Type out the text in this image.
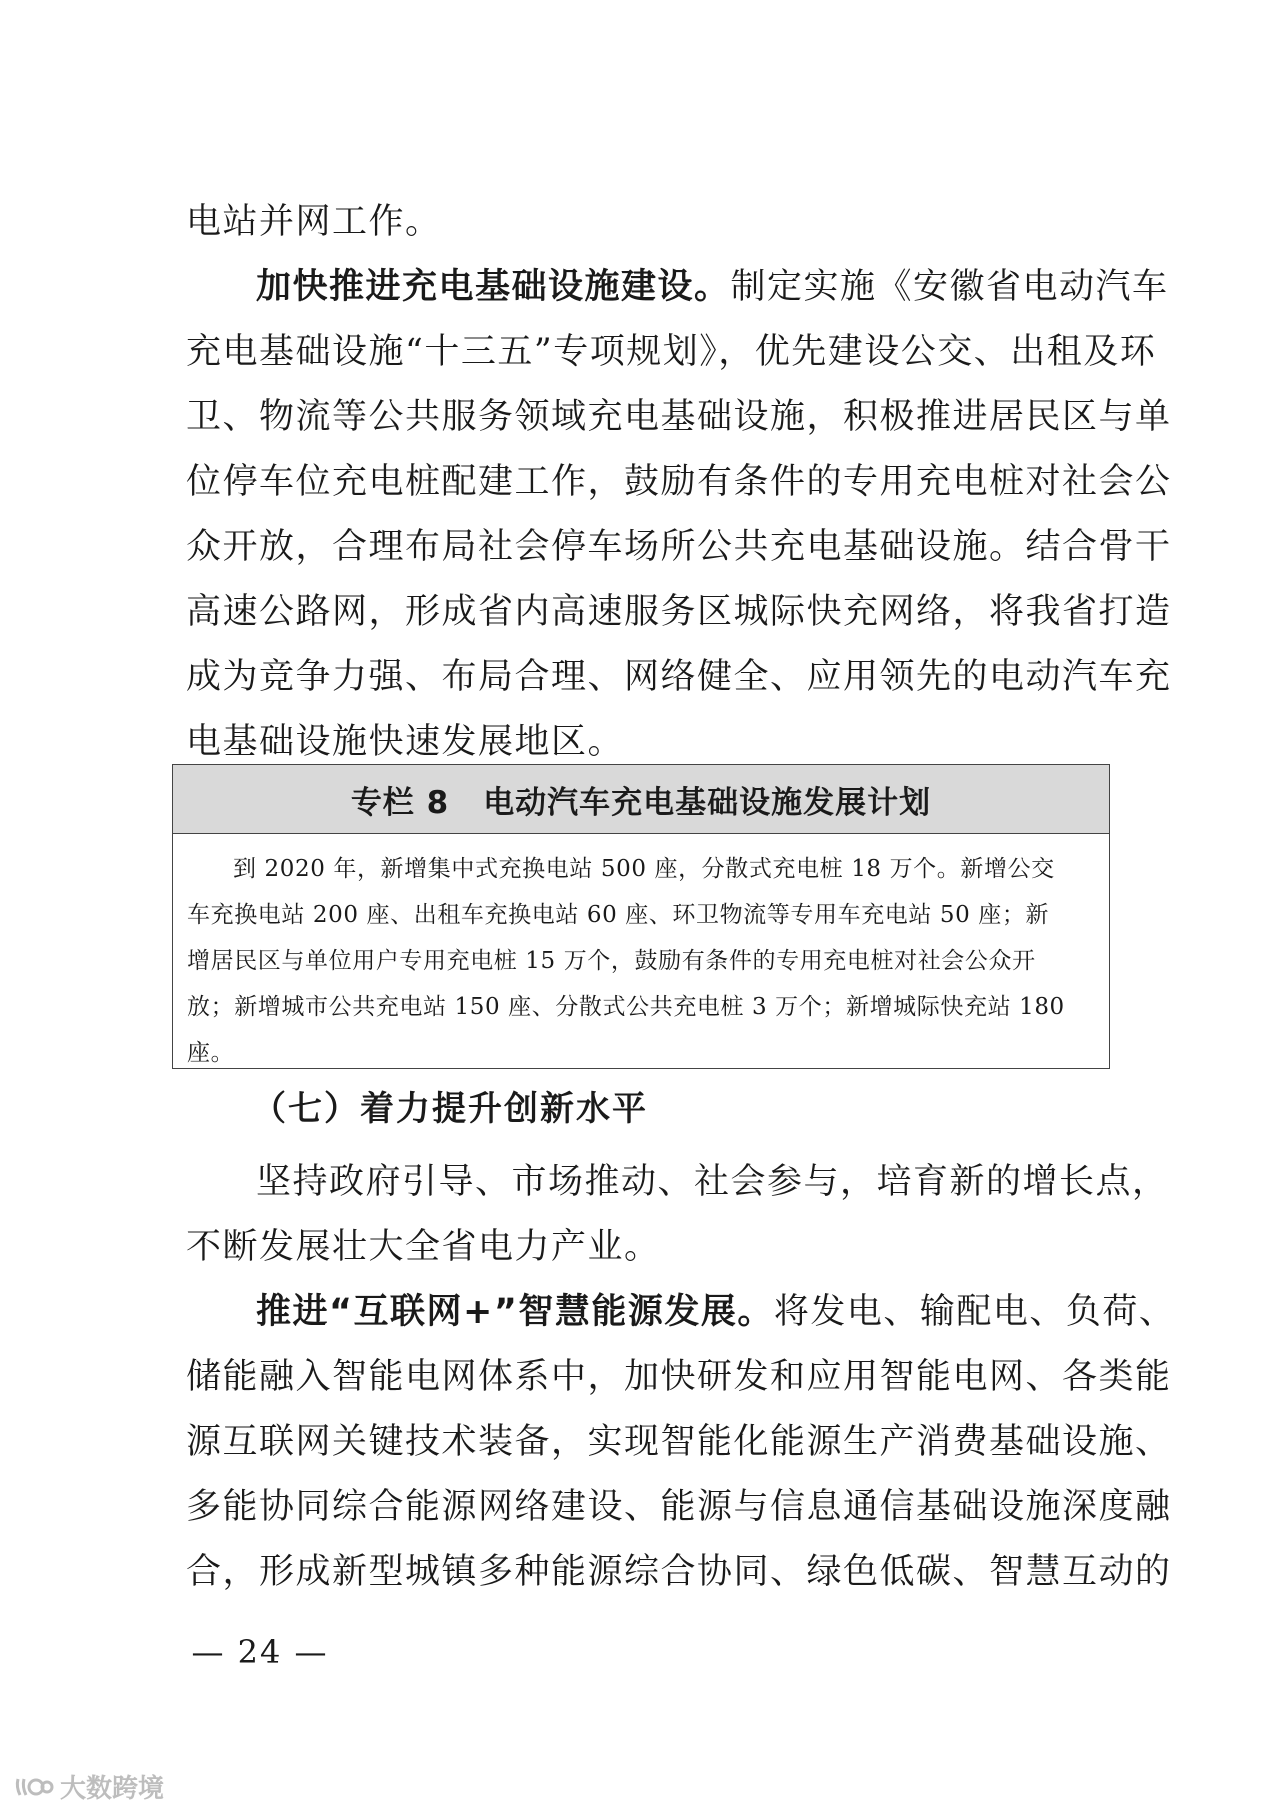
电站并网工作。
加快推进充电基础设施建设。制定实施《安徽省电动汽车
充电基础设施“十三五”专项规划》，优先建设公交、出租及环
卫、物流等公共服务领域充电基础设施，积极推进居民区与单
位停车位充电桩配建工作，鼓励有条件的专用充电桩对社会公
众开放，合理布局社会停车场所公共充电基础设施。结合骨干
高速公路网，形成省内高速服务区城际快充网络，将我省打造
成为竞争力强、布局合理、网络健全、应用领先的电动汽车充
电基础设施快速发展地区。
专栏 8 电动汽车充电基础设施发展计划
到 2020 年，新增集中式充换电站 500 座，分散式充电桩 18 万个。新增公交
车充换电站 200 座、出租车充换电站 60 座、环卫物流等专用车充电站 50 座；新
增居民区与单位用户专用充电桩 15 万个，鼓励有条件的专用充电桩对社会公众开
放；新增城市公共充电站 150 座、分散式公共充电桩 3 万个；新增城际快充站 180
座。
（七）着力提升创新水平
坚持政府引导、市场推动、社会参与，培育新的增长点，
不断发展壮大全省电力产业。
推进“互联网+”智慧能源发展。将发电、输配电、负荷、
储能融入智能电网体系中，加快研发和应用智能电网、各类能
源互联网关键技术装备，实现智能化能源生产消费基础设施、
多能协同综合能源网络建设、能源与信息通信基础设施深度融
合，形成新型城镇多种能源综合协同、绿色低碳、智慧互动的
— 24 —
大数跨境
